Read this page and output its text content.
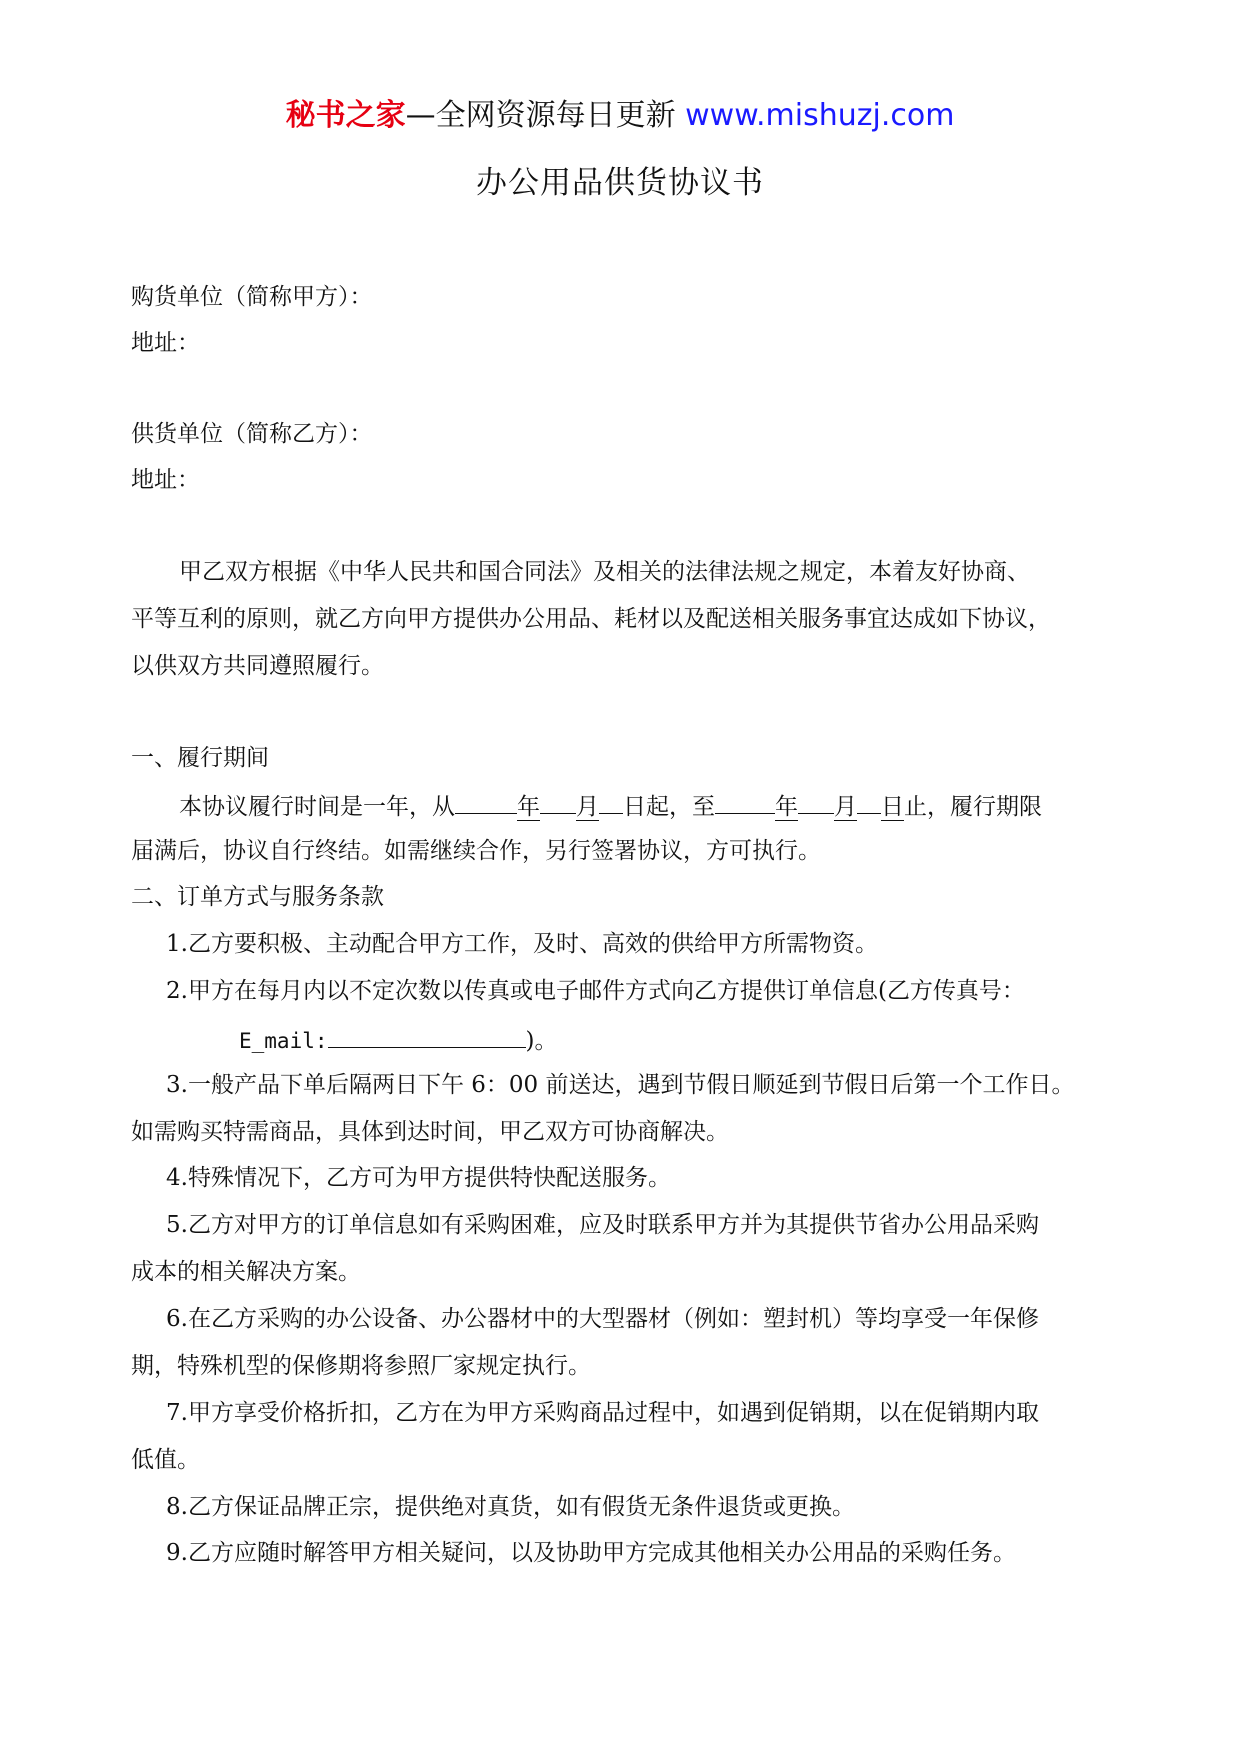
秘书之家—全网资源每日更新 www.mishuzj.com
办公用品供货协议书
购货单位（简称甲方）：
地址：
供货单位（简称乙方）：
地址：
甲乙双方根据《中华人民共和国合同法》及相关的法律法规之规定，本着友好协商、
平等互利的原则，就乙方向甲方提供办公用品、耗材以及配送相关服务事宜达成如下协议，
以供双方共同遵照履行。
一、履行期间
本协议履行时间是一年，从	年 月 日起，至	年 月 日止，履行期限
届满后，协议自行终结。如需继续合作，另行签署协议，方可执行。
二、订单方式与服务条款
1.乙方要积极、主动配合甲方工作，及时、高效的供给甲方所需物资。
2.甲方在每月内以不定次数以传真或电子邮件方式向乙方提供订单信息(乙方传真号：
E_mail:	)。
3.一般产品下单后隔两日下午 6：00 前送达，遇到节假日顺延到节假日后第一个工作日。
如需购买特需商品，具体到达时间，甲乙双方可协商解决。
4.特殊情况下，乙方可为甲方提供特快配送服务。
5.乙方对甲方的订单信息如有采购困难，应及时联系甲方并为其提供节省办公用品采购
成本的相关解决方案。
6.在乙方采购的办公设备、办公器材中的大型器材（例如：塑封机）等均享受一年保修
期，特殊机型的保修期将参照厂家规定执行。
7.甲方享受价格折扣，乙方在为甲方采购商品过程中，如遇到促销期，以在促销期内取
低值。
8.乙方保证品牌正宗，提供绝对真货，如有假货无条件退货或更换。
9.乙方应随时解答甲方相关疑问，以及协助甲方完成其他相关办公用品的采购任务。
